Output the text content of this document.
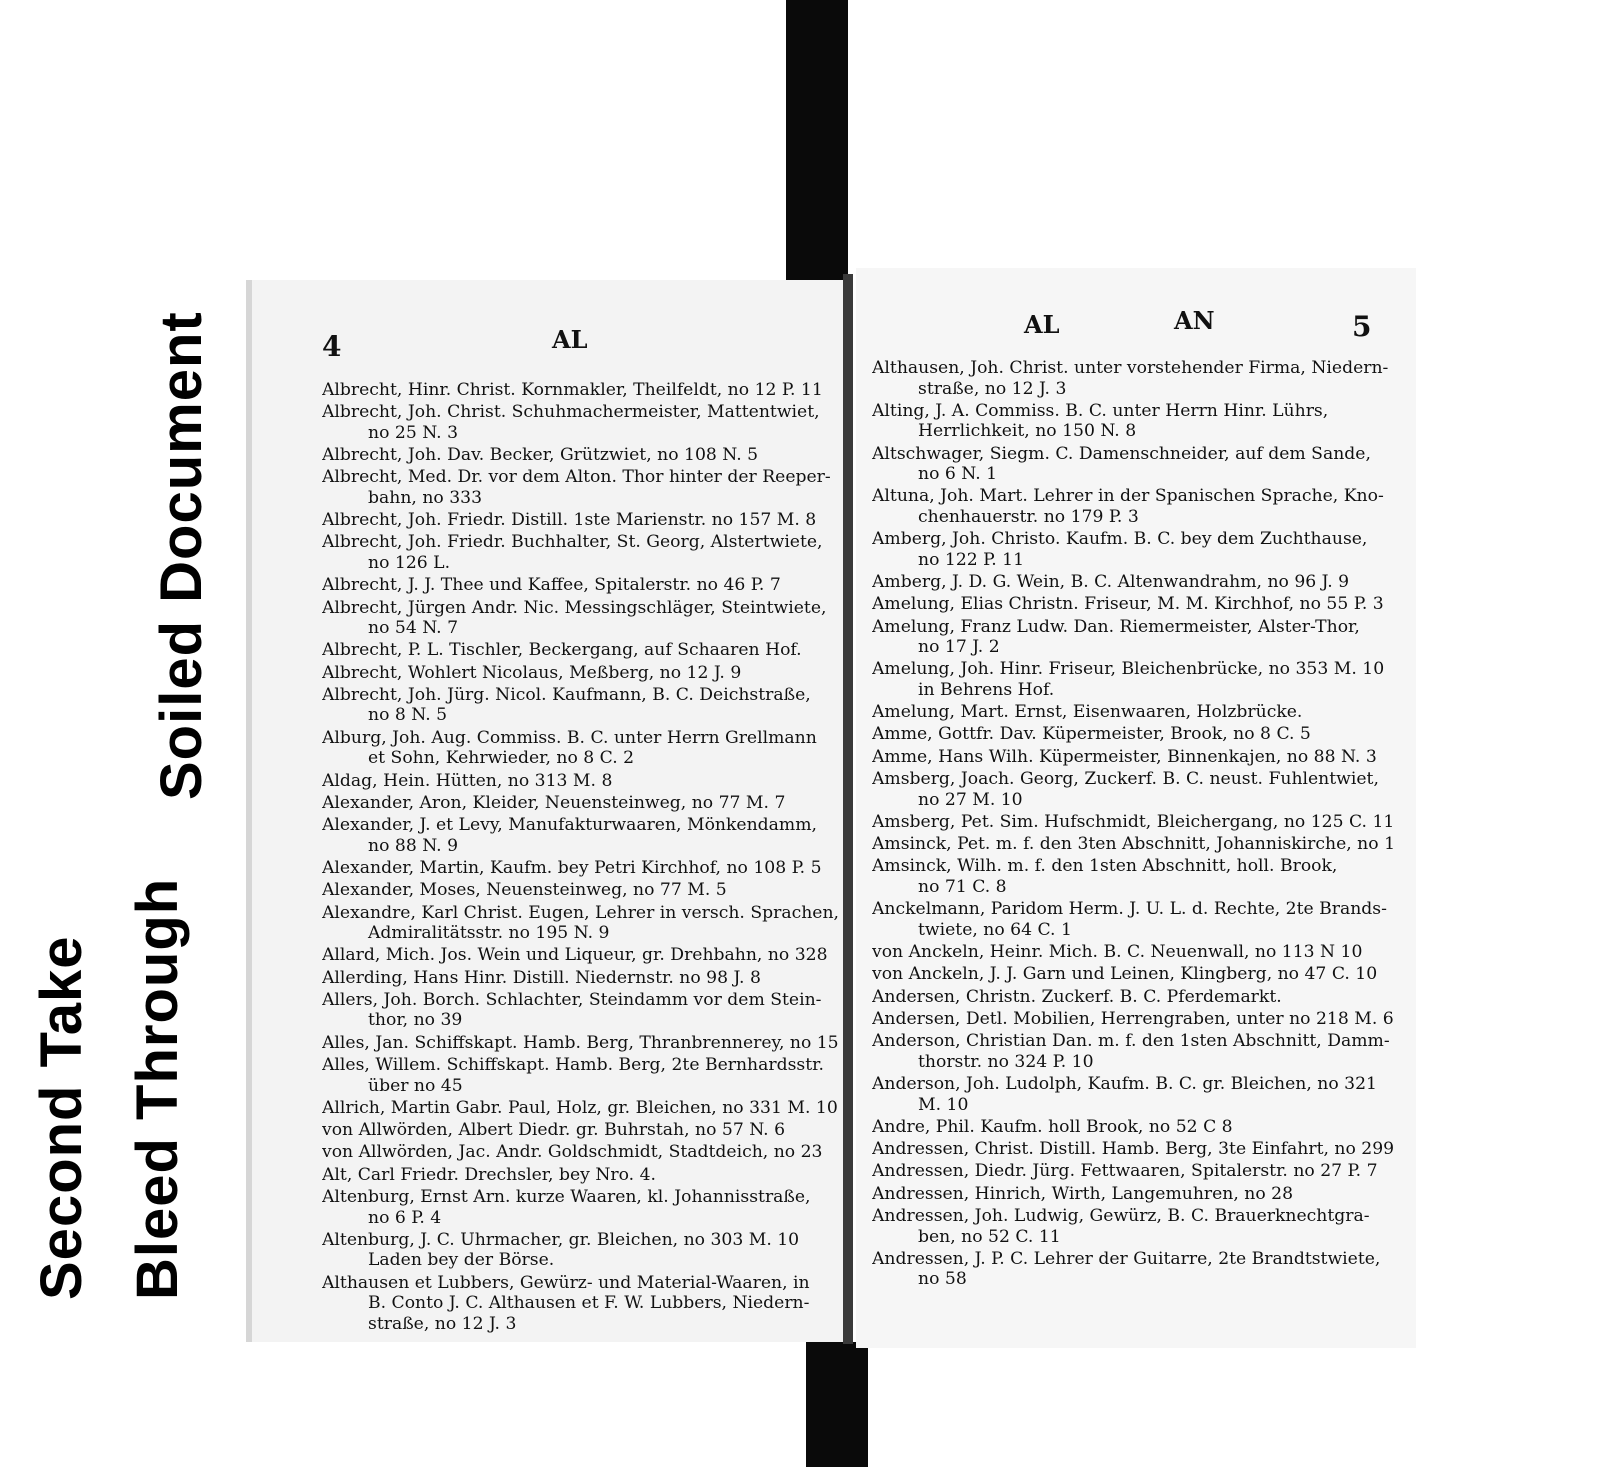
Second Take Bleed Through
Soiled Document	4	AL
Albrecht, Hinr. Christ. Kornmakler, Theilfeldt, no 12 P. 11
Albrecht, Joh. Christ. Schuhmachermeister, Mattentwiet,
no 25 N. 3
Albrecht, Joh. Dav. Becker, Grützwiet, no 108 N. 5
Albrecht, Med. Dr. vor dem Alton. Thor hinter der Reeper-
bahn, no 333
Albrecht, Joh. Friedr. Distill. 1ste Marienstr. no 157 M. 8
Albrecht, Joh. Friedr. Buchhalter, St. Georg, Alstertwiete,
no 126 L.
Albrecht, J. J. Thee und Kaffee, Spitalerstr. no 46 P. 7
Albrecht, Jürgen Andr. Nic. Messingschläger, Steintwiete,
no 54 N. 7
Albrecht, P. L. Tischler, Beckergang, auf Schaaren Hof.
Albrecht, Wohlert Nicolaus, Meßberg, no 12 J. 9
Albrecht, Joh. Jürg. Nicol. Kaufmann, B. C. Deichstraße,
no 8 N. 5
Alburg, Joh. Aug. Commiss. B. C. unter Herrn Grellmann
et Sohn, Kehrwieder, no 8 C. 2
Aldag, Hein. Hütten, no 313 M. 8
Alexander, Aron, Kleider, Neuensteinweg, no 77 M. 7
Alexander, J. et Levy, Manufakturwaaren, Mönkendamm,
no 88 N. 9
Alexander, Martin, Kaufm. bey Petri Kirchhof, no 108 P. 5
Alexander, Moses, Neuensteinweg, no 77 M. 5
Alexandre, Karl Christ. Eugen, Lehrer in versch. Sprachen,
Admiralitätsstr. no 195 N. 9
Allard, Mich. Jos. Wein und Liqueur, gr. Drehbahn, no 328
Allerding, Hans Hinr. Distill. Niedernstr. no 98 J. 8
Allers, Joh. Borch. Schlachter, Steindamm vor dem Stein-
thor, no 39
Alles, Jan. Schiffskapt. Hamb. Berg, Thranbrennerey, no 15
Alles, Willem. Schiffskapt. Hamb. Berg, 2te Bernhardsstr.
über no 45
Allrich, Martin Gabr. Paul, Holz, gr. Bleichen, no 331 M. 10
von Allwörden, Albert Diedr. gr. Buhrstah, no 57 N. 6
von Allwörden, Jac. Andr. Goldschmidt, Stadtdeich, no 23
Alt, Carl Friedr. Drechsler, bey Nro. 4.
Altenburg, Ernst Arn. kurze Waaren, kl. Johannisstraße,
no 6 P. 4
Altenburg, J. C. Uhrmacher, gr. Bleichen, no 303 M. 10
Laden bey der Börse.
Althausen et Lubbers, Gewürz- und Material-Waaren, in
B. Conto J. C. Althausen et F. W. Lubbers, Niedern-
straße, no 12 J. 3
AL	AN	5
Althausen, Joh. Christ. unter vorstehender Firma, Niedern-
straße, no 12 J. 3
Alting, J. A. Commiss. B. C. unter Herrn Hinr. Lührs,
Herrlichkeit, no 150 N. 8
Altschwager, Siegm. C. Damenschneider, auf dem Sande,
no 6 N. 1
Altuna, Joh. Mart. Lehrer in der Spanischen Sprache, Kno-
chenhauerstr. no 179 P. 3
Amberg, Joh. Christo. Kaufm. B. C. bey dem Zuchthause,
no 122 P. 11
Amberg, J. D. G. Wein, B. C. Altenwandrahm, no 96 J. 9
Amelung, Elias Christn. Friseur, M. M. Kirchhof, no 55 P. 3
Amelung, Franz Ludw. Dan. Riemermeister, Alster-Thor,
no 17 J. 2
Amelung, Joh. Hinr. Friseur, Bleichenbrücke, no 353 M. 10
in Behrens Hof.
Amelung, Mart. Ernst, Eisenwaaren, Holzbrücke.
Amme, Gottfr. Dav. Küpermeister, Brook, no 8 C. 5
Amme, Hans Wilh. Küpermeister, Binnenkajen, no 88 N. 3
Amsberg, Joach. Georg, Zuckerf. B. C. neust. Fuhlentwiet,
no 27 M. 10
Amsberg, Pet. Sim. Hufschmidt, Bleichergang, no 125 C. 11
Amsinck, Pet. m. f. den 3ten Abschnitt, Johanniskirche, no 1
Amsinck, Wilh. m. f. den 1sten Abschnitt, holl. Brook,
no 71 C. 8
Anckelmann, Paridom Herm. J. U. L. d. Rechte, 2te Brands-
twiete, no 64 C. 1
von Anckeln, Heinr. Mich. B. C. Neuenwall, no 113 N 10
von Anckeln, J. J. Garn und Leinen, Klingberg, no 47 C. 10
Andersen, Christn. Zuckerf. B. C. Pferdemarkt.
Andersen, Detl. Mobilien, Herrengraben, unter no 218 M. 6
Anderson, Christian Dan. m. f. den 1sten Abschnitt, Damm-
thorstr. no 324 P. 10
Anderson, Joh. Ludolph, Kaufm. B. C. gr. Bleichen, no 321
M. 10
Andre, Phil. Kaufm. holl Brook, no 52 C 8
Andressen, Christ. Distill. Hamb. Berg, 3te Einfahrt, no 299
Andressen, Diedr. Jürg. Fettwaaren, Spitalerstr. no 27 P. 7
Andressen, Hinrich, Wirth, Langemuhren, no 28
Andressen, Joh. Ludwig, Gewürz, B. C. Brauerknechtgra-
ben, no 52 C. 11
Andressen, J. P. C. Lehrer der Guitarre, 2te Brandtstwiete,
no 58
